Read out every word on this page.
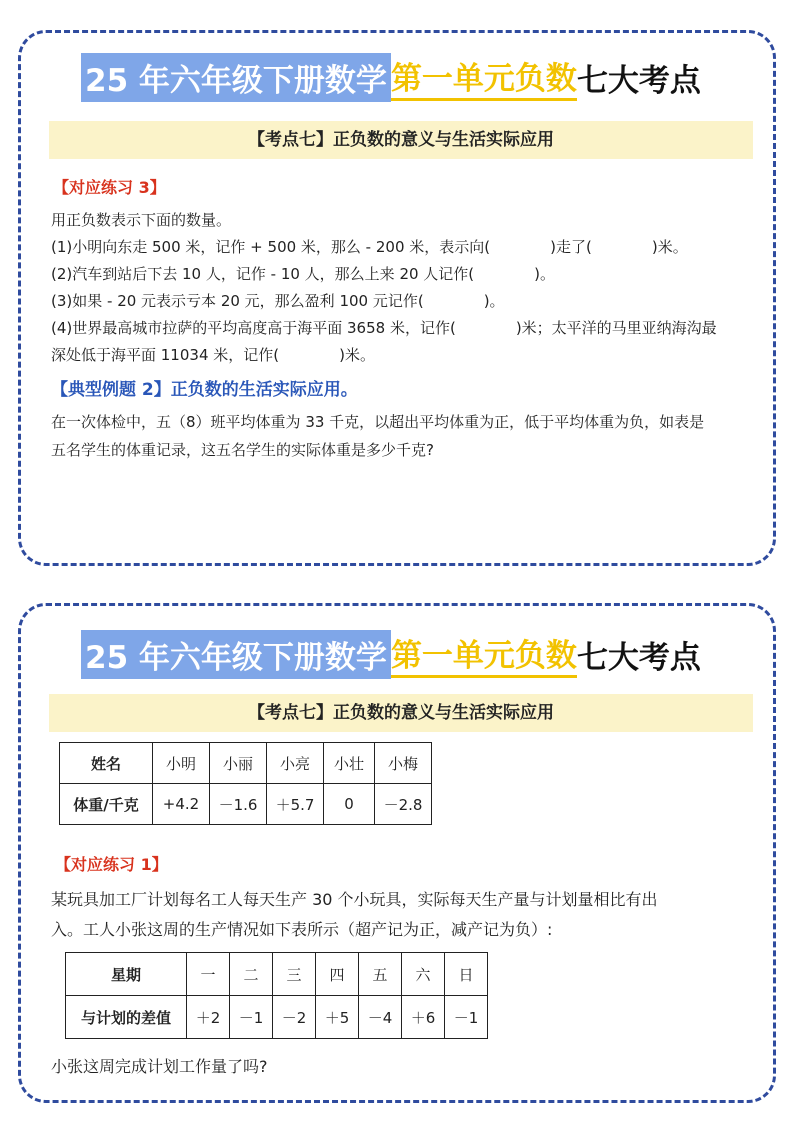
25 年六年级下册数学 第一单元负数 七大考点
【考点七】正负数的意义与生活实际应用
【对应练习 3】
用正负数表示下面的数量。
(1)小明向东走 500 米，记作 + 500 米，那么 - 200 米，表示向(	)走了(	)米。
(2)汽车到站后下去 10 人，记作 - 10 人，那么上来 20 人记作(	)。
(3)如果 - 20 元表示亏本 20 元，那么盈利 100 元记作(	)。
(4)世界最高城市拉萨的平均高度高于海平面 3658 米，记作(	)米；太平洋的马里亚纳海沟最
深处低于海平面 11034 米，记作(	)米。
【典型例题 2】正负数的生活实际应用。
在一次体检中，五（8）班平均体重为 33 千克，以超出平均体重为正，低于平均体重为负，如表是
五名学生的体重记录，这五名学生的实际体重是多少千克?
25 年六年级下册数学 第一单元负数 七大考点
【考点七】正负数的意义与生活实际应用
姓名	小明	小丽	小亮	小壮	小梅
体重/千克	+4.2	－1.6	＋5.7	0	－2.8
【对应练习 1】
某玩具加工厂计划每名工人每天生产 30 个小玩具，实际每天生产量与计划量相比有出
入。工人小张这周的生产情况如下表所示（超产记为正，减产记为负）:
星期	一	二	三	四	五	六	日
与计划的差值	＋2	－1	－2	＋5	－4	＋6	－1
小张这周完成计划工作量了吗?
